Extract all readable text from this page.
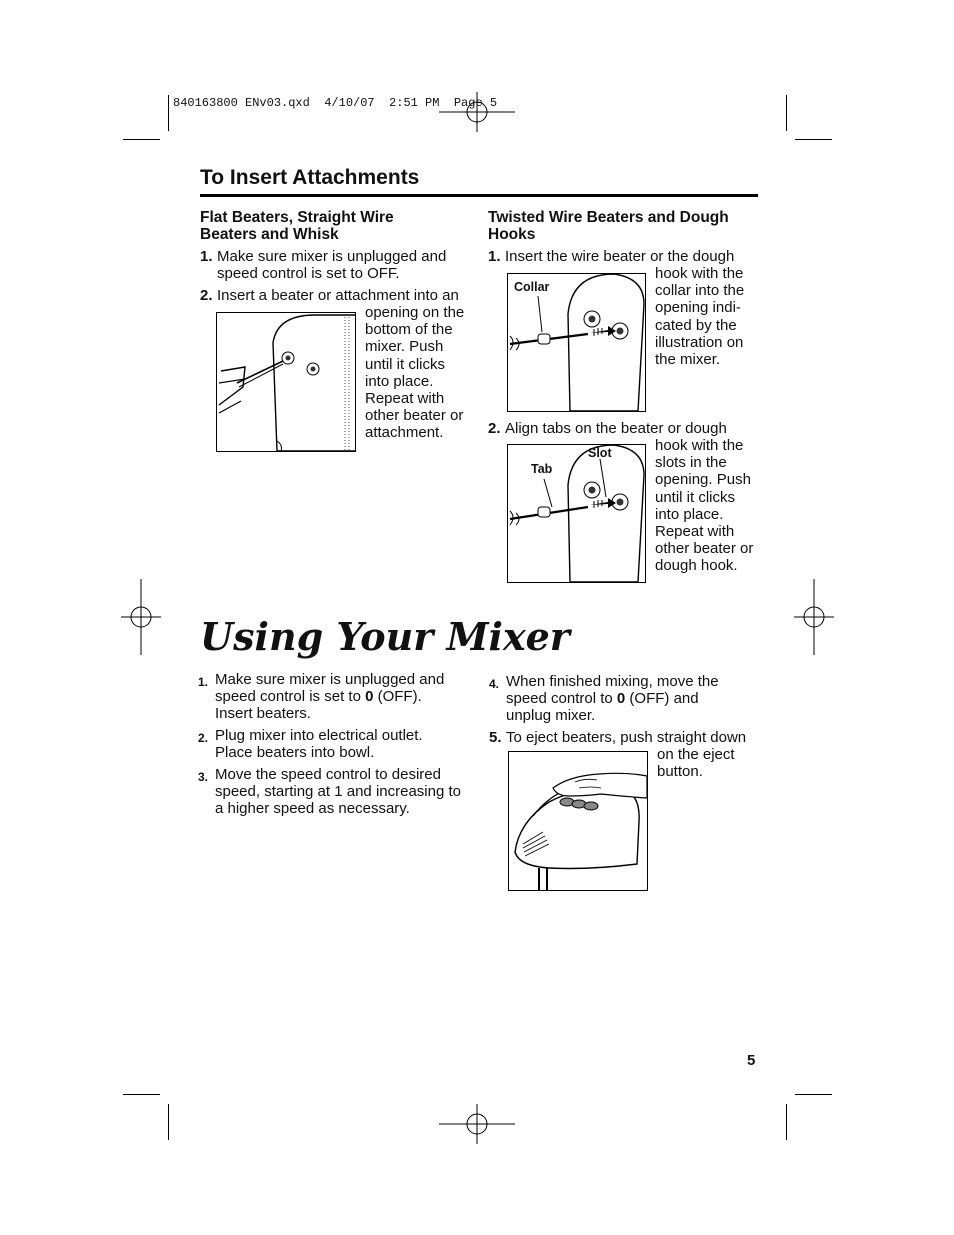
840163800 ENv03.qxd  4/10/07  2:51 PM  Page 5
To Insert Attachments
Flat Beaters, Straight Wire
Beaters and Whisk
1. Make sure mixer is unplugged and
speed control is set to OFF.
2. Insert a beater or attachment into an
opening on the
bottom of the
mixer. Push
until it clicks
into place.
Repeat with
other beater or
attachment.
Twisted Wire Beaters and Dough
Hooks
1. Insert the wire beater or the dough
hook with the
collar into the
opening indi-
cated by the
illustration on
the mixer.
Collar
2. Align tabs on the beater or dough
hook with the
slots in the
opening. Push
until it clicks
into place.
Repeat with
other beater or
dough hook.
Tab
Slot
Using Your Mixer
1. Make sure mixer is unplugged and
speed control is set to 0 (OFF).
Insert beaters.
2. Plug mixer into electrical outlet.
Place beaters into bowl.
3. Move the speed control to desired
speed, starting at 1 and increasing to
a higher speed as necessary.
4. When finished mixing, move the
speed control to 0 (OFF) and
unplug mixer.
5. To eject beaters, push straight down
on the eject
button.
5
